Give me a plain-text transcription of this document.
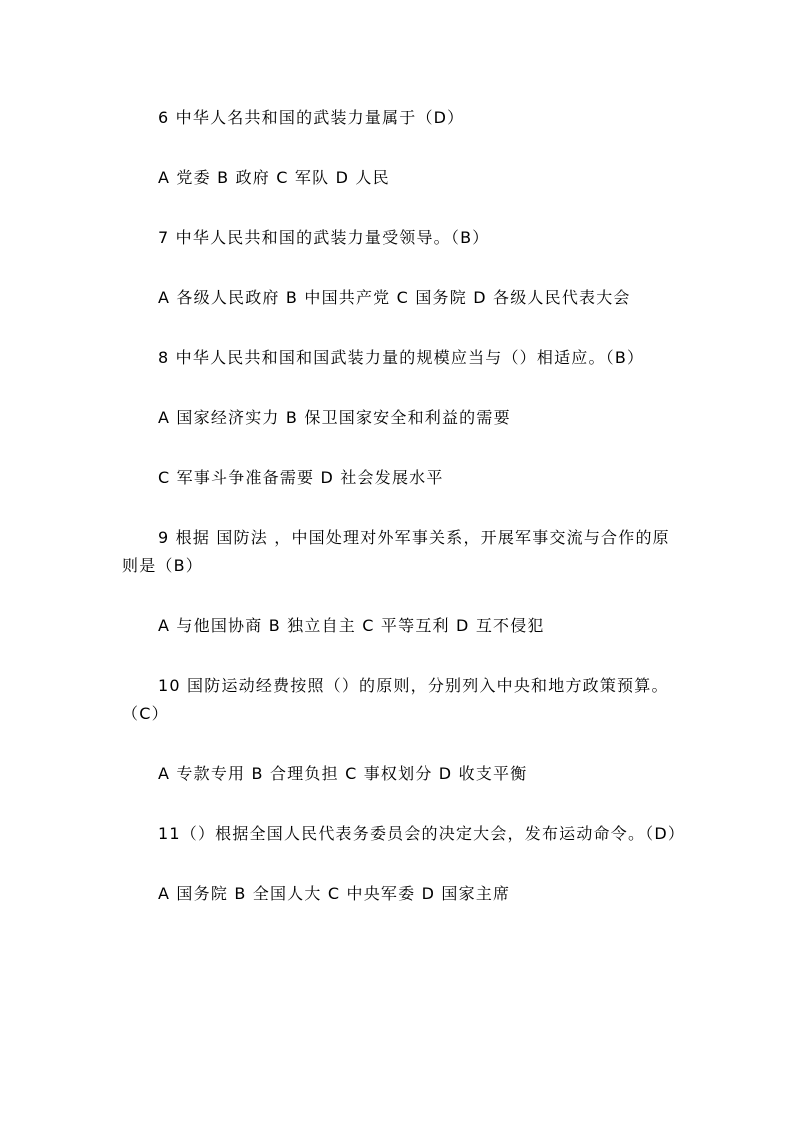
6 中华人名共和国的武装力量属于（D）

A 党委 B 政府 C 军队 D 人民

7 中华人民共和国的武装力量受领导。（B）

A 各级人民政府 B 中国共产党 C 国务院 D 各级人民代表大会

8 中华人民共和国和国武装力量的规模应当与（）相适应。（B）

A 国家经济实力 B 保卫国家安全和利益的需要

C 军事斗争准备需要 D 社会发展水平

9 根据 国防法 ，中国处理对外军事关系，开展军事交流与合作的原则是（B）

A 与他国协商 B 独立自主 C 平等互利 D 互不侵犯

10 国防运动经费按照（）的原则，分别列入中央和地方政策预算。（C）

A 专款专用 B 合理负担 C 事权划分 D 收支平衡

11（）根据全国人民代表务委员会的决定大会，发布运动命令。（D）

A 国务院 B 全国人大 C 中央军委 D 国家主席
